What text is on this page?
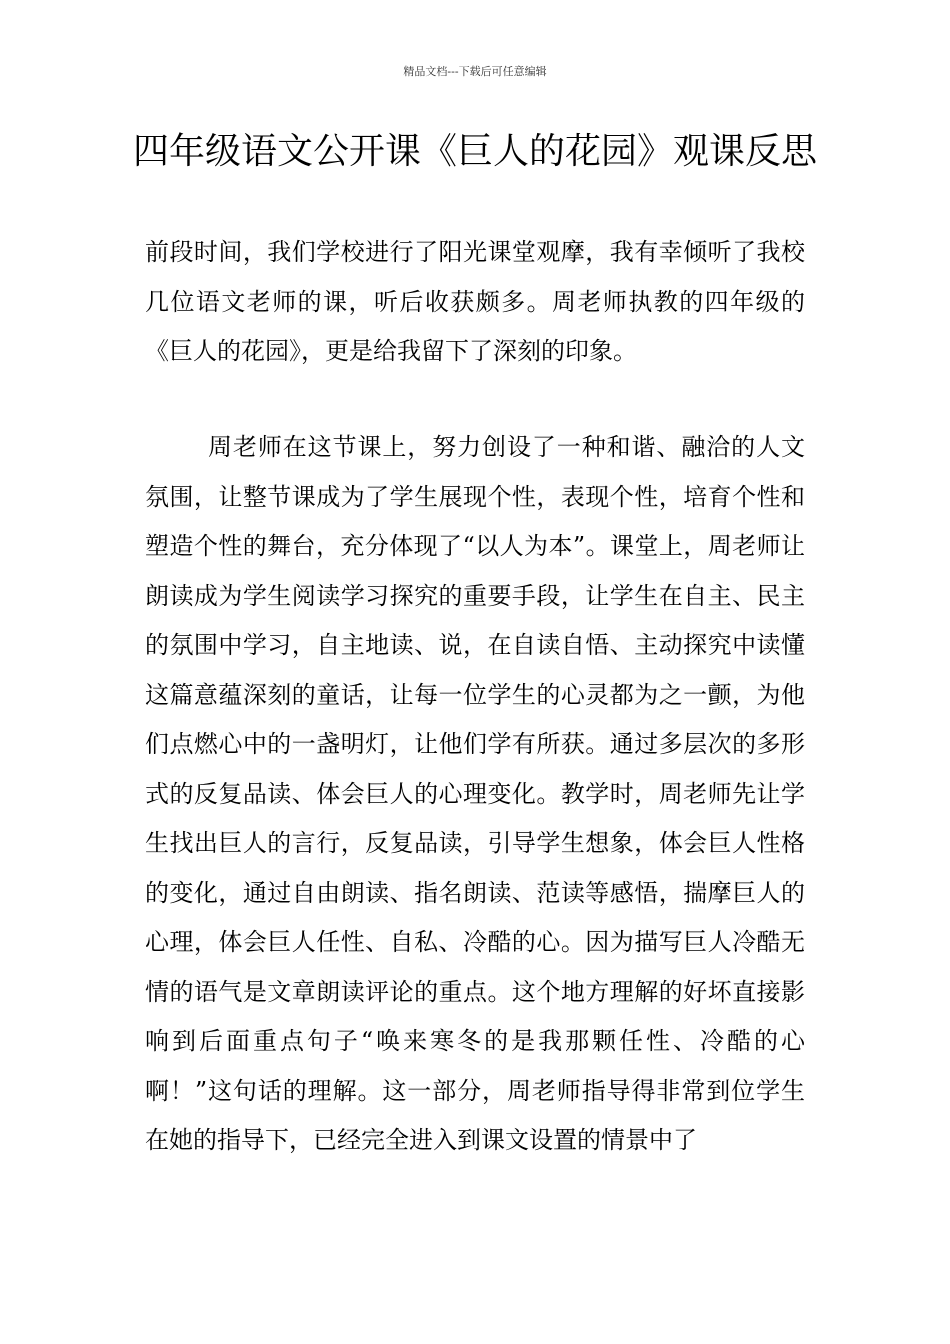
精品文档---下载后可任意编辑
四年级语文公开课《巨人的花园》观课反思

前段时间，我们学校进行了阳光课堂观摩，我有幸倾听了我校几位语文老师的课，听后收获颇多。周老师执教的四年级的《巨人的花园》，更是给我留下了深刻的印象。

周老师在这节课上，努力创设了一种和谐、融洽的人文氛围，让整节课成为了学生展现个性，表现个性，培育个性和塑造个性的舞台，充分体现了“以人为本”。课堂上，周老师让朗读成为学生阅读学习探究的重要手段，让学生在自主、民主的氛围中学习，自主地读、说，在自读自悟、主动探究中读懂这篇意蕴深刻的童话，让每一位学生的心灵都为之一颤，为他们点燃心中的一盏明灯，让他们学有所获。通过多层次的多形式的反复品读、体会巨人的心理变化。教学时，周老师先让学生找出巨人的言行，反复品读，引导学生想象，体会巨人性格的变化，通过自由朗读、指名朗读、范读等感悟，揣摩巨人的心理，体会巨人任性、自私、冷酷的心。因为描写巨人冷酷无情的语气是文章朗读评论的重点。这个地方理解的好坏直接影响到后面重点句子“唤来寒冬的是我那颗任性、冷酷的心啊！”这句话的理解。这一部分，周老师指导得非常到位学生在她的指导下，已经完全进入到课文设置的情景中了
